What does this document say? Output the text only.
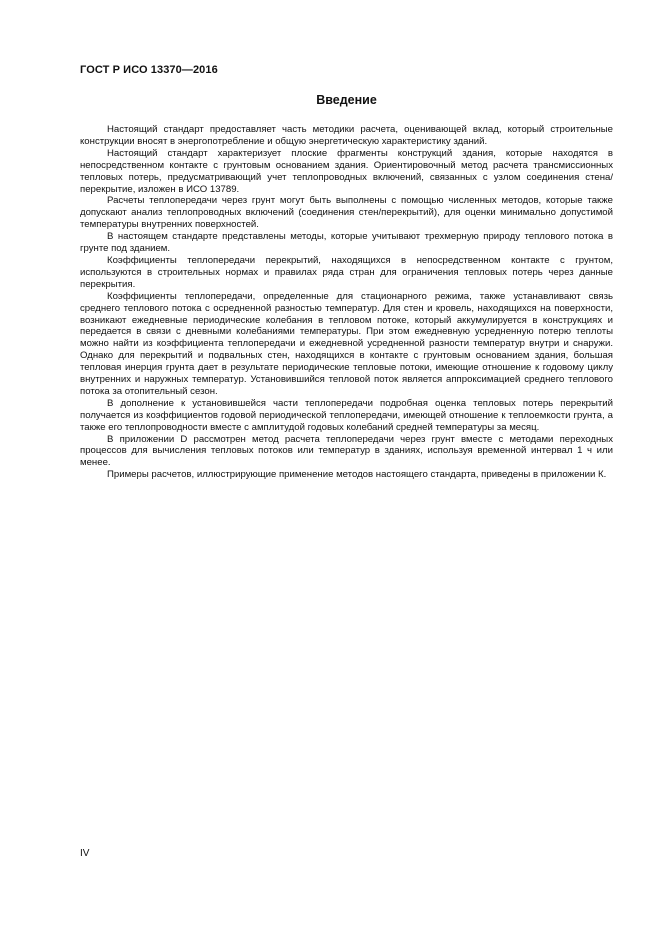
ГОСТ Р ИСО 13370—2016
Введение

Настоящий стандарт предоставляет часть методики расчета, оценивающей вклад, который строительные конструкции вносят в энергопотребление и общую энергетическую характеристику зданий.

Настоящий стандарт характеризует плоские фрагменты конструкций здания, которые находятся в непосредственном контакте с грунтовым основанием здания. Ориентировочный метод расчета трансмиссионных тепловых потерь, предусматривающий учет теплопроводных включений, связанных с узлом соединения стена/перекрытие, изложен в ИСО 13789.

Расчеты теплопередачи через грунт могут быть выполнены с помощью численных методов, которые также допускают анализ теплопроводных включений (соединения стен/перекрытий), для оценки минимально допустимой температуры внутренних поверхностей.

В настоящем стандарте представлены методы, которые учитывают трехмерную природу теплового потока в грунте под зданием.

Коэффициенты теплопередачи перекрытий, находящихся в непосредственном контакте с грунтом, используются в строительных нормах и правилах ряда стран для ограничения тепловых потерь через данные перекрытия.

Коэффициенты теплопередачи, определенные для стационарного режима, также устанавливают связь среднего теплового потока с осредненной разностью температур. Для стен и кровель, находящихся на поверхности, возникают ежедневные периодические колебания в тепловом потоке, который аккумулируется в конструкциях и передается в связи с дневными колебаниями температуры. При этом ежедневную усредненную потерю теплоты можно найти из коэффициента теплопередачи и ежедневной усредненной разности температур внутри и снаружи. Однако для перекрытий и подвальных стен, находящихся в контакте с грунтовым основанием здания, большая тепловая инерция грунта дает в результате периодические тепловые потоки, имеющие отношение к годовому циклу внутренних и наружных температур. Установившийся тепловой поток является аппроксимацией среднего теплового потока за отопительный сезон.

В дополнение к установившейся части теплопередачи подробная оценка тепловых потерь перекрытий получается из коэффициентов годовой периодической теплопередачи, имеющей отношение к теплоемкости грунта, а также его теплопроводности вместе с амплитудой годовых колебаний средней температуры за месяц.

В приложении D рассмотрен метод расчета теплопередачи через грунт вместе с методами переходных процессов для вычисления тепловых потоков или температур в зданиях, используя временной интервал 1 ч или менее.

Примеры расчетов, иллюстрирующие применение методов настоящего стандарта, приведены в приложении К.

IV
